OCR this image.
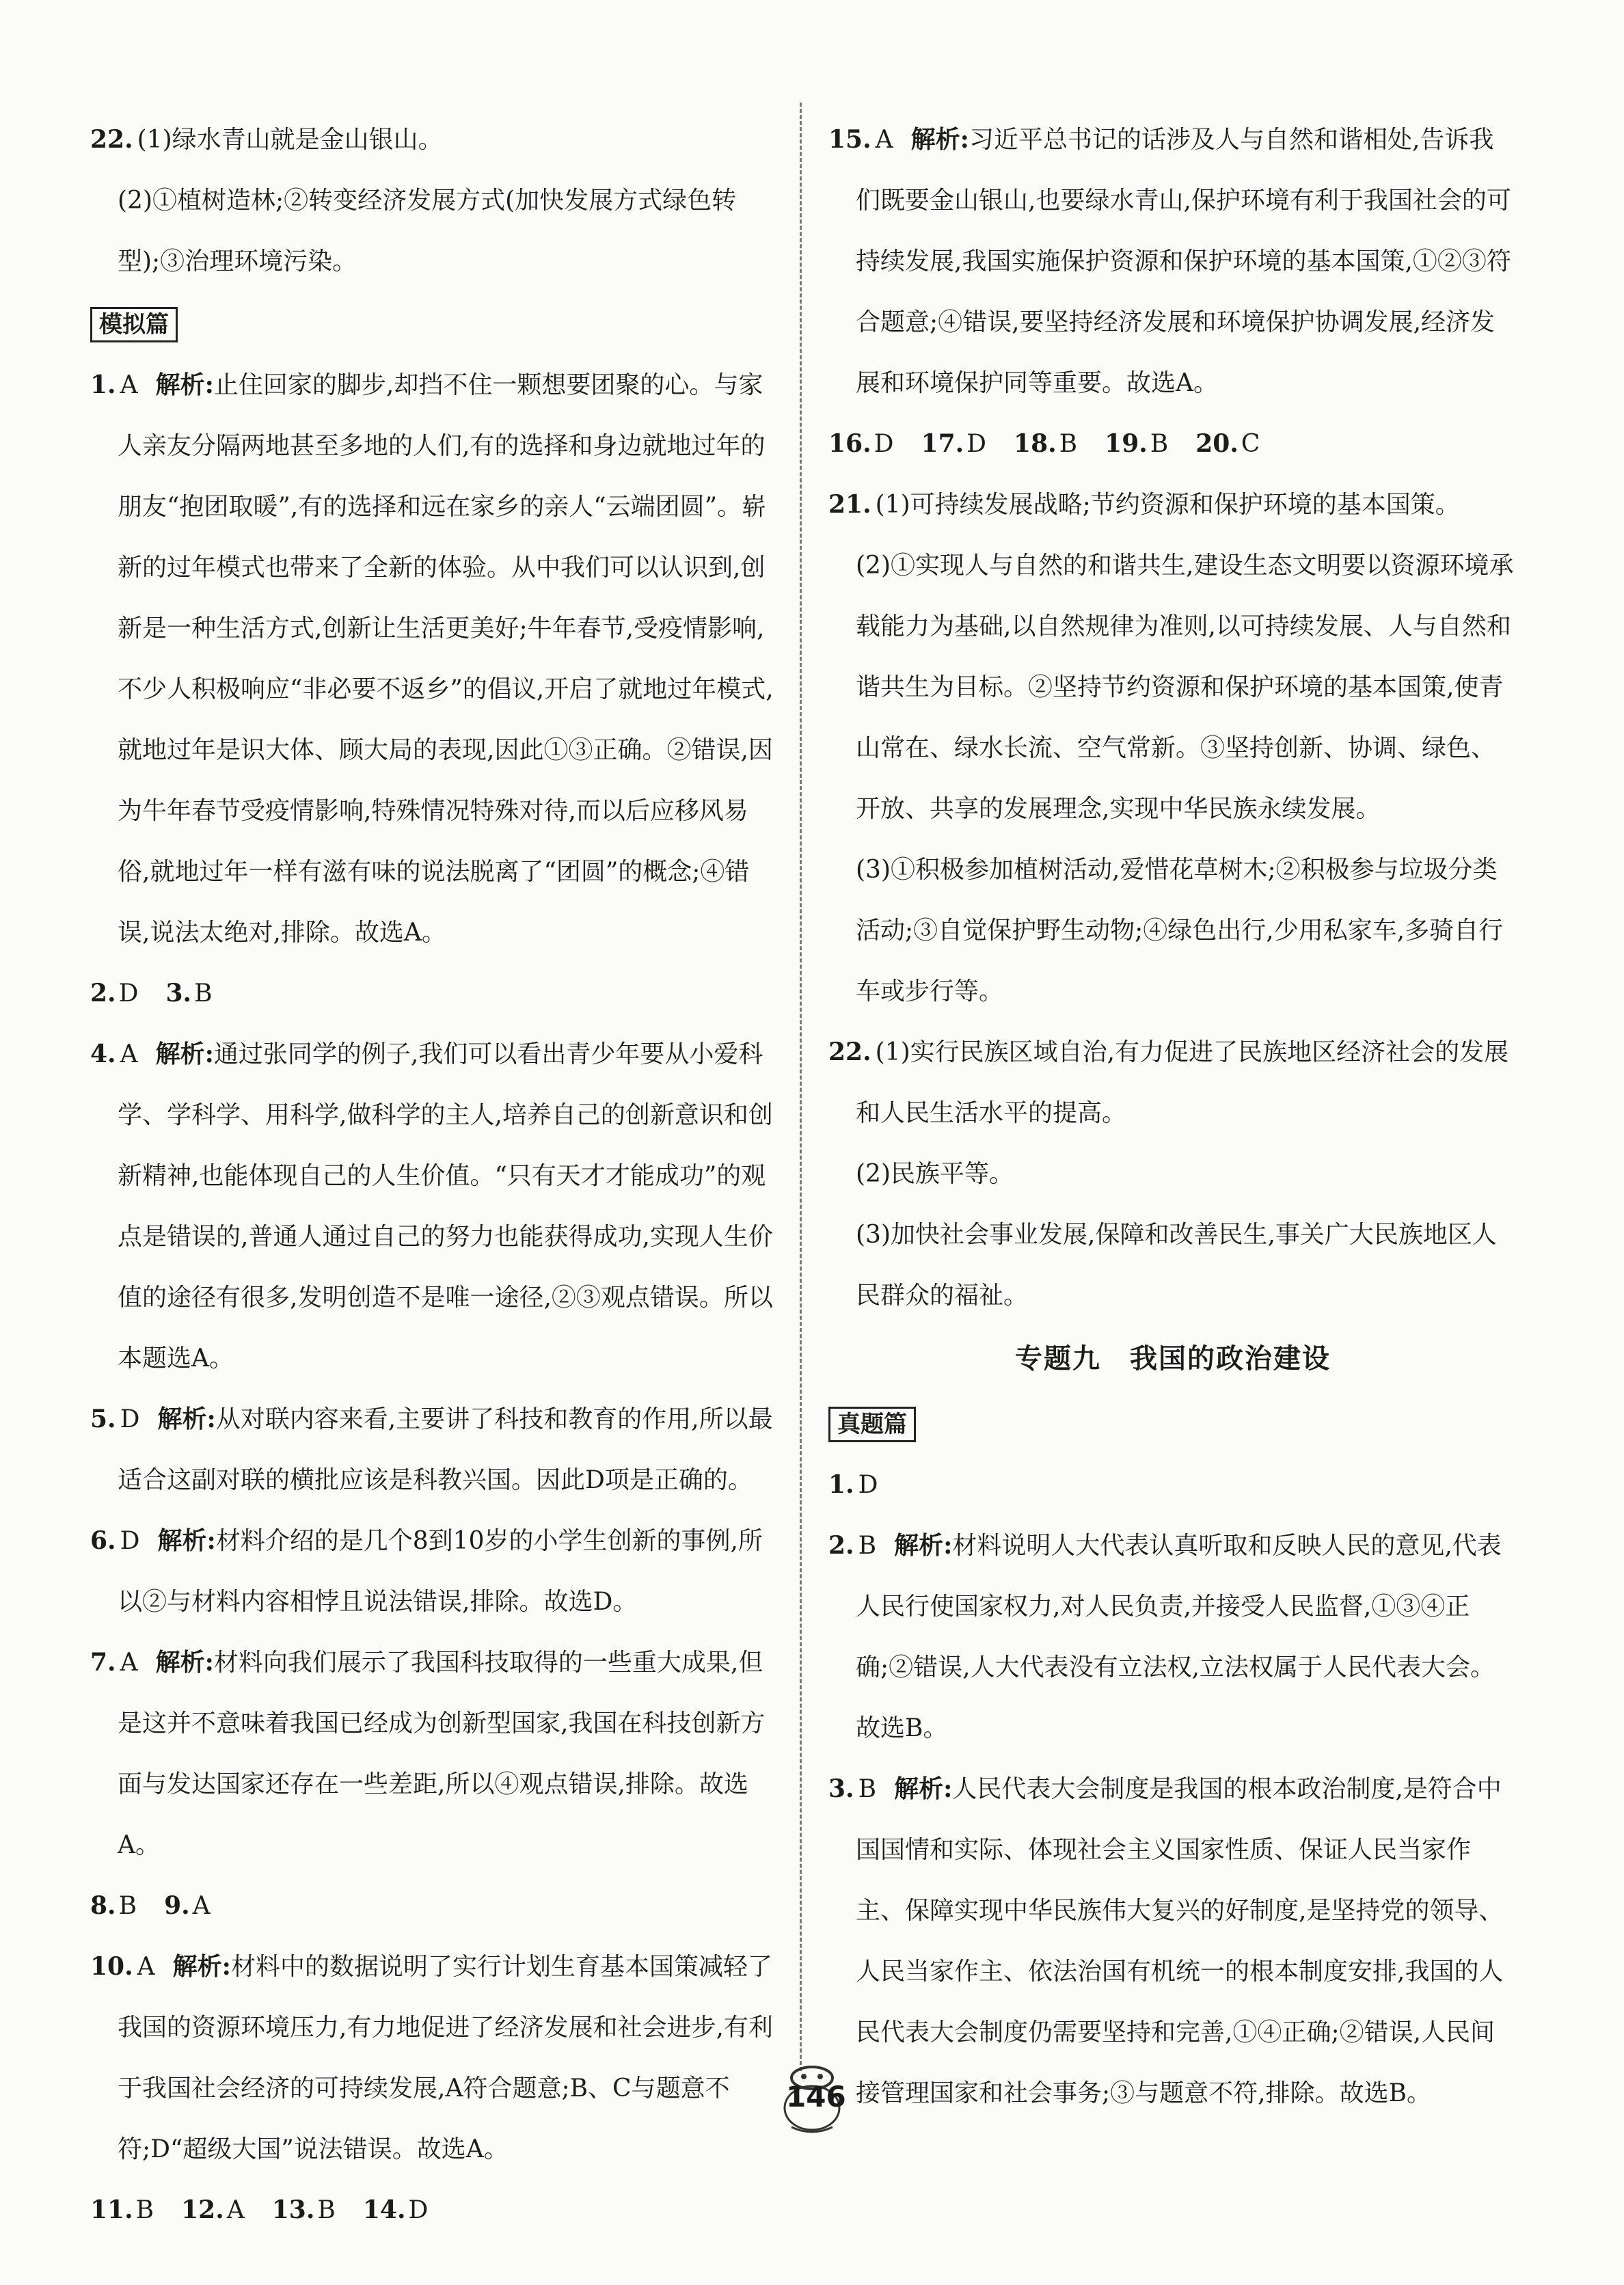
22. (1)绿水青山就是金山银山。

(2)①植树造林;②转变经济发展方式(加快发展方式绿色转型);③治理环境污染。

模拟篇

1. A 解析:止住回家的脚步,却挡不住一颗想要团聚的心。与家人亲友分隔两地甚至多地的人们,有的选择和身边就地过年的朋友“抱团取暖”,有的选择和远在家乡的亲人“云端团圆”。崭新的过年模式也带来了全新的体验。从中我们可以认识到,创新是一种生活方式,创新让生活更美好;牛年春节,受疫情影响,不少人积极响应“非必要不返乡”的倡议,开启了就地过年模式,就地过年是识大体、顾大局的表现,因此①③正确。②错误,因为牛年春节受疫情影响,特殊情况特殊对待,而以后应移风易俗,就地过年一样有滋有味的说法脱离了“团圆”的概念;④错误,说法太绝对,排除。故选A。

2. D 3. B

4. A 解析:通过张同学的例子,我们可以看出青少年要从小爱科学、学科学、用科学,做科学的主人,培养自己的创新意识和创新精神,也能体现自己的人生价值。“只有天才才能成功”的观点是错误的,普通人通过自己的努力也能获得成功,实现人生价值的途径有很多,发明创造不是唯一途径,②③观点错误。所以本题选A。

5. D 解析:从对联内容来看,主要讲了科技和教育的作用,所以最适合这副对联的横批应该是科教兴国。因此D项是正确的。

6. D 解析:材料介绍的是几个8到10岁的小学生创新的事例,所以②与材料内容相悖且说法错误,排除。故选D。

7. A 解析:材料向我们展示了我国科技取得的一些重大成果,但是这并不意味着我国已经成为创新型国家,我国在科技创新方面与发达国家还存在一些差距,所以④观点错误,排除。故选A。

8. B 9. A

10. A 解析:材料中的数据说明了实行计划生育基本国策减轻了我国的资源环境压力,有力地促进了经济发展和社会进步,有利于我国社会经济的可持续发展,A符合题意;B、C与题意不符;D“超级大国”说法错误。故选A。

11. B 12. A 13. B 14. D

15. A 解析:习近平总书记的话涉及人与自然和谐相处,告诉我们既要金山银山,也要绿水青山,保护环境有利于我国社会的可持续发展,我国实施保护资源和保护环境的基本国策,①②③符合题意;④错误,要坚持经济发展和环境保护协调发展,经济发展和环境保护同等重要。故选A。

16. D 17. D 18. B 19. B 20. C

21. (1)可持续发展战略;节约资源和保护环境的基本国策。

(2)①实现人与自然的和谐共生,建设生态文明要以资源环境承载能力为基础,以自然规律为准则,以可持续发展、人与自然和谐共生为目标。②坚持节约资源和保护环境的基本国策,使青山常在、绿水长流、空气常新。③坚持创新、协调、绿色、开放、共享的发展理念,实现中华民族永续发展。

(3)①积极参加植树活动,爱惜花草树木;②积极参与垃圾分类活动;③自觉保护野生动物;④绿色出行,少用私家车,多骑自行车或步行等。

22. (1)实行民族区域自治,有力促进了民族地区经济社会的发展和人民生活水平的提高。

(2)民族平等。

(3)加快社会事业发展,保障和改善民生,事关广大民族地区人民群众的福祉。

专题九　我国的政治建设

真题篇

1. D

2. B 解析:材料说明人大代表认真听取和反映人民的意见,代表人民行使国家权力,对人民负责,并接受人民监督,①③④正确;②错误,人大代表没有立法权,立法权属于人民代表大会。故选B。

3. B 解析:人民代表大会制度是我国的根本政治制度,是符合中国国情和实际、体现社会主义国家性质、保证人民当家作主、保障实现中华民族伟大复兴的好制度,是坚持党的领导、人民当家作主、依法治国有机统一的根本制度安排,我国的人民代表大会制度仍需要坚持和完善,①④正确;②错误,人民间接管理国家和社会事务;③与题意不符,排除。故选B。

146
